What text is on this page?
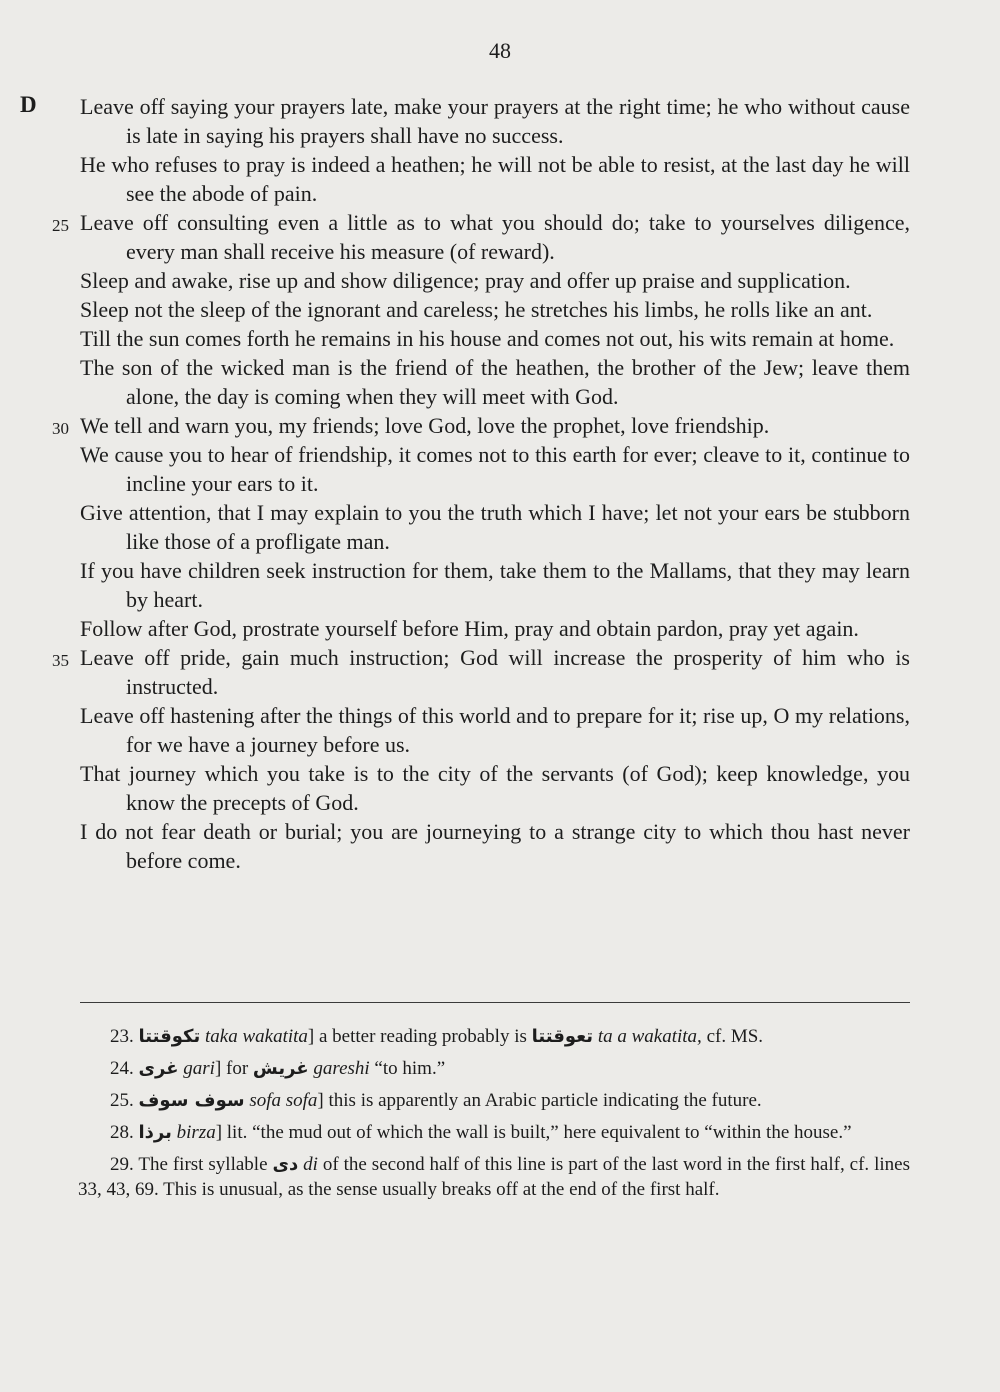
48
D Leave off saying your prayers late, make your prayers at the right time; he who without cause is late in saying his prayers shall have no success.
He who refuses to pray is indeed a heathen; he will not be able to resist, at the last day he will see the abode of pain.
25 Leave off consulting even a little as to what you should do; take to yourselves diligence, every man shall receive his measure (of reward).
Sleep and awake, rise up and show diligence; pray and offer up praise and supplication.
Sleep not the sleep of the ignorant and careless; he stretches his limbs, he rolls like an ant.
Till the sun comes forth he remains in his house and comes not out, his wits remain at home.
The son of the wicked man is the friend of the heathen, the brother of the Jew; leave them alone, the day is coming when they will meet with God.
30 We tell and warn you, my friends; love God, love the prophet, love friendship.
We cause you to hear of friendship, it comes not to this earth for ever; cleave to it, continue to incline your ears to it.
Give attention, that I may explain to you the truth which I have; let not your ears be stubborn like those of a profligate man.
If you have children seek instruction for them, take them to the Mallams, that they may learn by heart.
Follow after God, prostrate yourself before Him, pray and obtain pardon, pray yet again.
35 Leave off pride, gain much instruction; God will increase the prosperity of him who is instructed.
Leave off hastening after the things of this world and to prepare for it; rise up, O my relations, for we have a journey before us.
That journey which you take is to the city of the servants (of God); keep knowledge, you know the precepts of God.
I do not fear death or burial; you are journeying to a strange city to which thou hast never before come.

23. تكوقتتا taka wakatita] a better reading probably is تعوقتتا ta a wakatita, cf. MS.

24. غرى gari] for غريش gareshi “to him.”

25. سوف سوف sofa sofa] this is apparently an Arabic particle indicating the future.

28. برذا birza] lit. “the mud out of which the wall is built,” here equivalent to “within the house.”

29. The first syllable دى di of the second half of this line is part of the last word in the first half, cf. lines 33, 43, 69. This is unusual, as the sense usually breaks off at the end of the first half.
